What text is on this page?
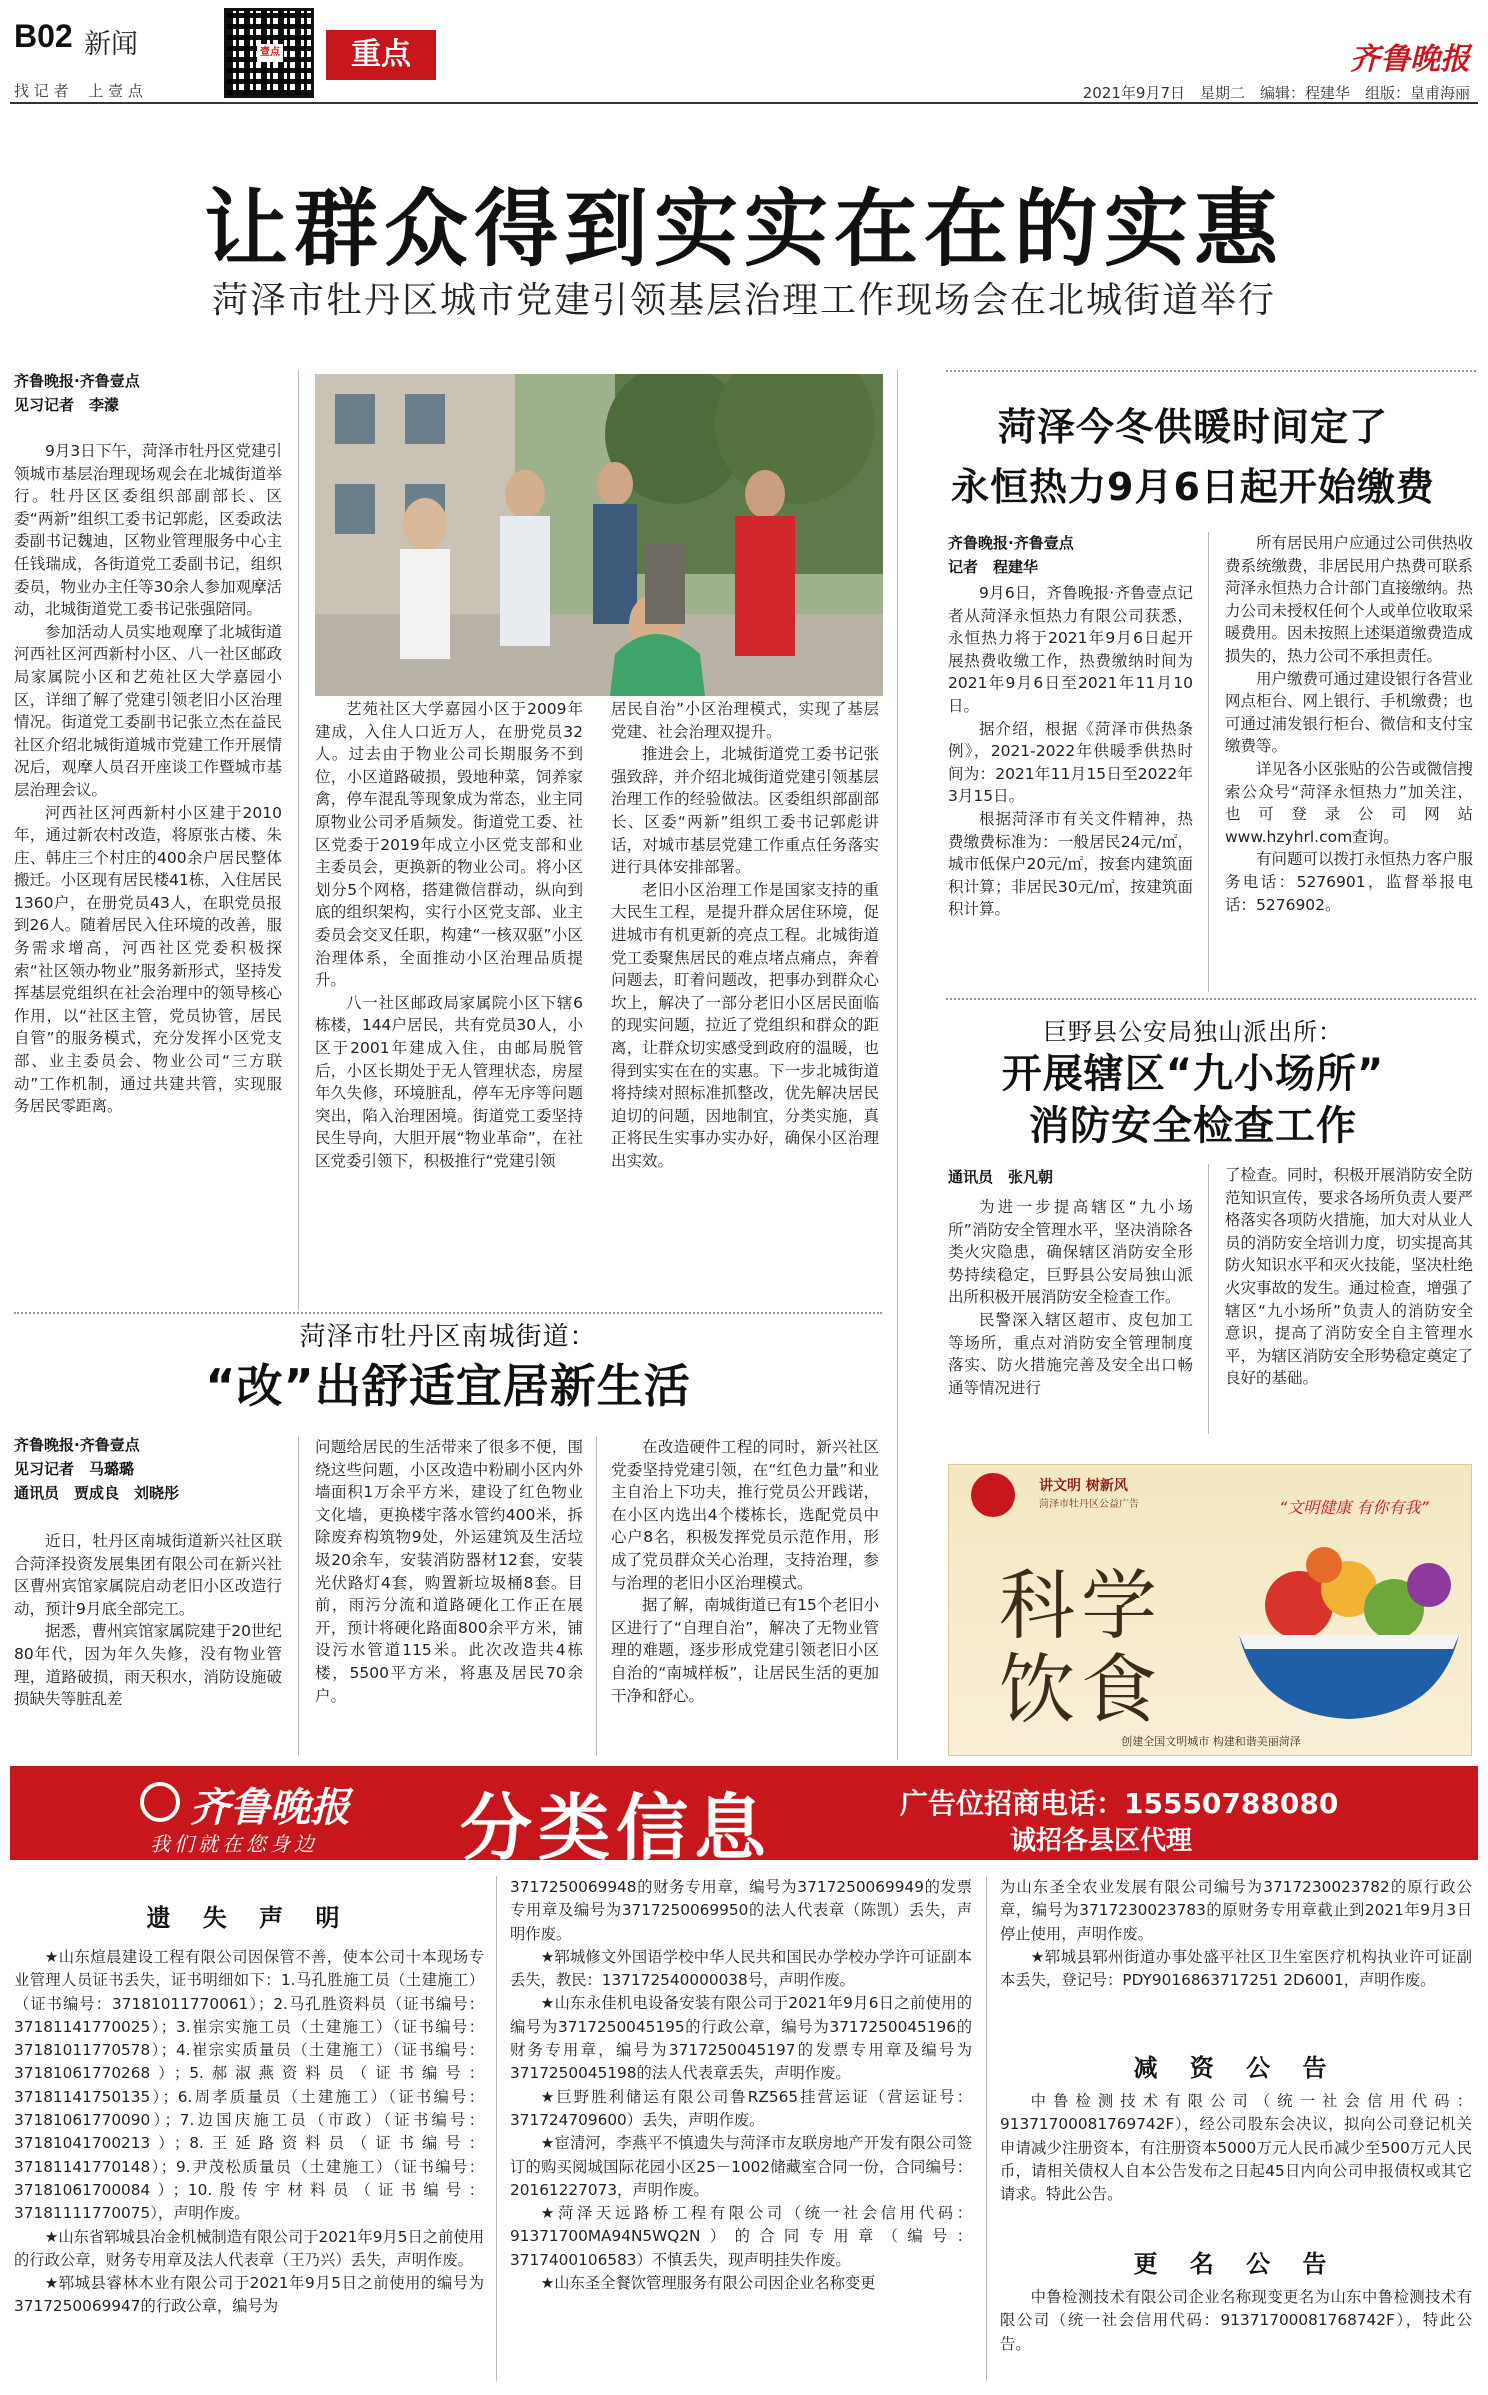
B02 新闻
找 记 者 　上 壹 点
壹点	重点	齐鲁晚报
2021年9月7日　星期二　编辑：程建华　组版：皇甫海丽
让群众得到实实在在的实惠
菏泽市牡丹区城市党建引领基层治理工作现场会在北城街道举行
齐鲁晚报·齐鲁壹点
见习记者　李濛

9月3日下午，菏泽市牡丹区党建引领城市基层治理现场观会在北城街道举行。牡丹区区委组织部副部长、区委“两新”组织工委书记郭彪，区委政法委副书记魏迪，区物业管理服务中心主任钱瑞成，各街道党工委副书记，组织委员，物业办主任等30余人参加观摩活动，北城街道党工委书记张强陪同。

参加活动人员实地观摩了北城街道河西社区河西新村小区、八一社区邮政局家属院小区和艺苑社区大学嘉园小区，详细了解了党建引领老旧小区治理情况。街道党工委副书记张立杰在益民社区介绍北城街道城市党建工作开展情况后，观摩人员召开座谈工作暨城市基层治理会议。

河西社区河西新村小区建于2010年，通过新农村改造，将原张古楼、朱庄、韩庄三个村庄的400余户居民整体搬迁。小区现有居民楼41栋，入住居民1360户，在册党员43人，在职党员报到26人。随着居民入住环境的改善，服务需求增高，河西社区党委积极探索“社区领办物业”服务新形式，坚持发挥基层党组织在社会治理中的领导核心作用，以“社区主管，党员协管，居民自管”的服务模式，充分发挥小区党支部、业主委员会、物业公司“三方联动”工作机制，通过共建共管，实现服务居民零距离。

艺苑社区大学嘉园小区于2009年建成，入住人口近万人，在册党员32人。过去由于物业公司长期服务不到位，小区道路破损，毁地种菜，饲养家禽，停车混乱等现象成为常态，业主同原物业公司矛盾频发。街道党工委、社区党委于2019年成立小区党支部和业主委员会，更换新的物业公司。将小区划分5个网格，搭建微信群动，纵向到底的组织架构，实行小区党支部、业主委员会交叉任职，构建“一核双驱”小区治理体系，全面推动小区治理品质提升。

八一社区邮政局家属院小区下辖6栋楼，144户居民，共有党员30人，小区于2001年建成入住，由邮局脱管后，小区长期处于无人管理状态，房屋年久失修，环境脏乱，停车无序等问题突出，陷入治理困境。街道党工委坚持民生导向，大胆开展“物业革命”，在社区党委引领下，积极推行“党建引领

居民自治”小区治理模式，实现了基层党建、社会治理双提升。

推进会上，北城街道党工委书记张强致辞，并介绍北城街道党建引领基层治理工作的经验做法。区委组织部副部长、区委“两新”组织工委书记郭彪讲话，对城市基层党建工作重点任务落实进行具体安排部署。

老旧小区治理工作是国家支持的重大民生工程，是提升群众居住环境，促进城市有机更新的亮点工程。北城街道党工委聚焦居民的难点堵点痛点，奔着问题去，盯着问题改，把事办到群众心坎上，解决了一部分老旧小区居民面临的现实问题，拉近了党组织和群众的距离，让群众切实感受到政府的温暖，也得到实实在在的实惠。下一步北城街道将持续对照标准抓整改，优先解决居民迫切的问题，因地制宜，分类实施，真正将民生实事办实办好，确保小区治理出实效。

菏泽今冬供暖时间定了
永恒热力9月6日起开始缴费
齐鲁晚报·齐鲁壹点
记者　程建华

9月6日，齐鲁晚报·齐鲁壹点记者从菏泽永恒热力有限公司获悉，永恒热力将于2021年9月6日起开展热费收缴工作，热费缴纳时间为2021年9月6日至2021年11月10日。

据介绍，根据《菏泽市供热条例》，2021-2022年供暖季供热时间为：2021年11月15日至2022年3月15日。

根据菏泽市有关文件精神，热费缴费标准为：一般居民24元/㎡，城市低保户20元/㎡，按套内建筑面积计算；非居民30元/㎡，按建筑面积计算。

所有居民用户应通过公司供热收费系统缴费，非居民用户热费可联系菏泽永恒热力合计部门直接缴纳。热力公司未授权任何个人或单位收取采暖费用。因未按照上述渠道缴费造成损失的，热力公司不承担责任。

用户缴费可通过建设银行各营业网点柜台、网上银行、手机缴费；也可通过浦发银行柜台、微信和支付宝缴费等。

详见各小区张贴的公告或微信搜索公众号“菏泽永恒热力”加关注，也可登录公司网站www.hzyhrl.com查询。

有问题可以拨打永恒热力客户服务电话：5276901，监督举报电话：5276902。

巨野县公安局独山派出所：
开展辖区“九小场所”
消防安全检查工作
通讯员　张凡朝

为进一步提高辖区“九小场所”消防安全管理水平，坚决消除各类火灾隐患，确保辖区消防安全形势持续稳定，巨野县公安局独山派出所积极开展消防安全检查工作。

民警深入辖区超市、皮包加工等场所，重点对消防安全管理制度落实、防火措施完善及安全出口畅通等情况进行

了检查。同时，积极开展消防安全防范知识宣传，要求各场所负责人要严格落实各项防火措施，加大对从业人员的消防安全培训力度，切实提高其防火知识水平和灭火技能，坚决杜绝火灾事故的发生。通过检查，增强了辖区“九小场所”负责人的消防安全意识，提高了消防安全自主管理水平，为辖区消防安全形势稳定奠定了良好的基础。

讲文明 树新风
菏泽市牡丹区公益广告	“文明健康 有你有我”
科学
饮食
创建全国文明城市 构建和谐美丽菏泽
菏泽市牡丹区南城街道：
“改”出舒适宜居新生活
齐鲁晚报·齐鲁壹点
见习记者　马璐璐
通讯员　贾成良　刘晓彤

近日，牡丹区南城街道新兴社区联合菏泽投资发展集团有限公司在新兴社区曹州宾馆家属院启动老旧小区改造行动，预计9月底全部完工。

据悉，曹州宾馆家属院建于20世纪80年代，因为年久失修，没有物业管理，道路破损，雨天积水，消防设施破损缺失等脏乱差

问题给居民的生活带来了很多不便，围绕这些问题，小区改造中粉刷小区内外墙面积1万余平方米，建设了红色物业文化墙，更换楼宇落水管约400米，拆除废弃构筑物9处，外运建筑及生活垃圾20余车，安装消防器材12套，安装光伏路灯4套，购置新垃圾桶8套。目前，雨污分流和道路硬化工作正在展开，预计将硬化路面800余平方米，铺设污水管道115米。此次改造共4栋楼，5500平方米，将惠及居民70余户。

在改造硬件工程的同时，新兴社区党委坚持党建引领，在“红色力量”和业主自治上下功夫，推行党员公开践诺，在小区内选出4个楼栋长，选配党员中心户8名，积极发挥党员示范作用，形成了党员群众关心治理，支持治理，参与治理的老旧小区治理模式。

据了解，南城街道已有15个老旧小区进行了“自理自治”，解决了无物业管理的难题，逐步形成党建引领老旧小区自治的“南城样板”，让居民生活的更加干净和舒心。

齐鲁晚报
我们就在您身边 分类信息	广告位招商电话：15550788080
诚招各县区代理
遗 失 声 明

★山东煊晨建设工程有限公司因保管不善，使本公司十本现场专业管理人员证书丢失，证书明细如下：1.马孔胜施工员（土建施工）（证书编号：37181011770061）；2.马孔胜资料员（证书编号：37181141770025）；3.崔宗实施工员（土建施工）（证书编号：37181011770578）；4.崔宗实质量员（土建施工）（证书编号：37181061770268）；5.郝淑燕资料员（证书编号：37181141750135）；6.周孝质量员（土建施工）（证书编号：37181061770090）；7.边国庆施工员（市政）（证书编号：37181041700213）；8.王延路资料员（证书编号：37181141770148）；9.尹茂松质量员（土建施工）（证书编号：37181061700084）；10.殷传宇材料员（证书编号：37181111770075），声明作废。

★山东省郓城县冶金机械制造有限公司于2021年9月5日之前使用的行政公章，财务专用章及法人代表章（王乃兴）丢失，声明作废。

★郓城县睿林木业有限公司于2021年9月5日之前使用的编号为3717250069947的行政公章，编号为

3717250069948的财务专用章，编号为3717250069949的发票专用章及编号为3717250069950的法人代表章（陈凯）丢失，声明作废。

★郓城修文外国语学校中华人民共和国民办学校办学许可证副本丢失，教民：137172540000038号，声明作废。

★山东永佳机电设备安装有限公司于2021年9月6日之前使用的编号为3717250045195的行政公章，编号为3717250045196的财务专用章，编号为3717250045197的发票专用章及编号为3717250045198的法人代表章丢失，声明作废。

★巨野胜利储运有限公司鲁RZ565挂营运证（营运证号：371724709600）丢失，声明作废。

★宦清河，李燕平不慎遗失与菏泽市友联房地产开发有限公司签订的购买阅城国际花园小区25－1002储藏室合同一份，合同编号：20161227073，声明作废。

★菏泽天远路桥工程有限公司（统一社会信用代码：91371700MA94N5WQ2N）的合同专用章（编号：3717400106583）不慎丢失，现声明挂失作废。

★山东圣全餐饮管理服务有限公司因企业名称变更

为山东圣全农业发展有限公司编号为3717230023782的原行政公章，编号为3717230023783的原财务专用章截止到2021年9月3日停止使用，声明作废。

★郓城县郓州街道办事处盛平社区卫生室医疗机构执业许可证副本丢失，登记号：PDY9016863717251 2D6001，声明作废。

减 资 公 告

中鲁检测技术有限公司（统一社会信用代码：91371700081769742F），经公司股东会决议，拟向公司登记机关申请减少注册资本，有注册资本5000万元人民币减少至500万元人民币，请相关债权人自本公告发布之日起45日内向公司申报债权或其它请求。特此公告。

更 名 公 告

中鲁检测技术有限公司企业名称现变更名为山东中鲁检测技术有限公司（统一社会信用代码：91371700081768742F），特此公告。
